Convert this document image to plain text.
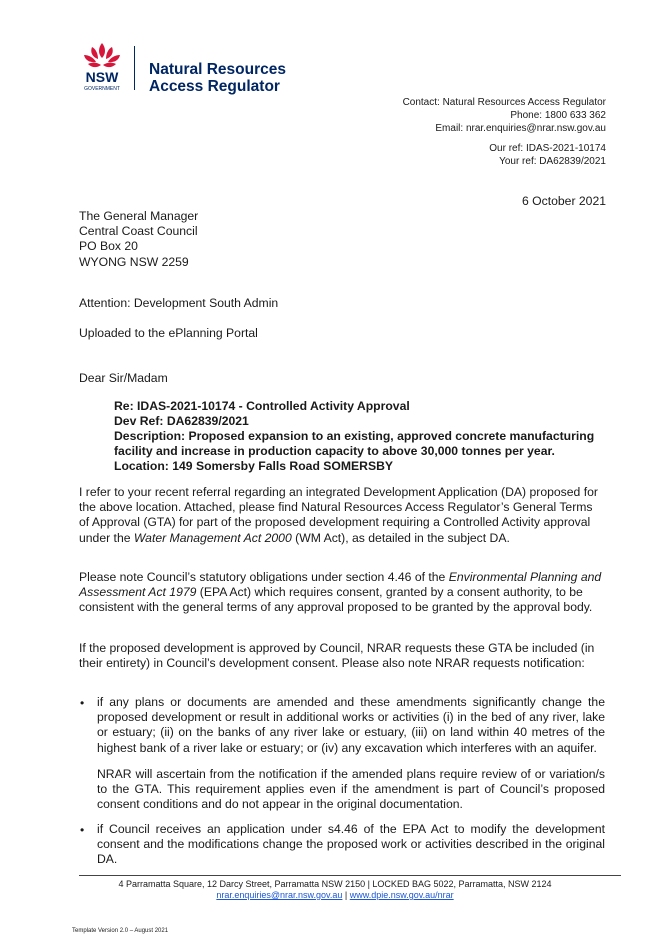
NSW
GOVERNMENT
Natural Resources
Access Regulator
Contact: Natural Resources Access Regulator
Phone: 1800 633 362
Email: nrar.enquiries@nrar.nsw.gov.au
Our ref: IDAS-2021-10174
Your ref: DA62839/2021
6 October 2021
The General Manager
Central Coast Council
PO Box 20
WYONG NSW 2259
Attention: Development South Admin
Uploaded to the ePlanning Portal
Dear Sir/Madam
Re: IDAS-2021-10174 - Controlled Activity Approval
Dev Ref: DA62839/2021
Description: Proposed expansion to an existing, approved concrete manufacturing facility and increase in production capacity to above 30,000 tonnes per year.
Location: 149 Somersby Falls Road SOMERSBY
I refer to your recent referral regarding an integrated Development Application (DA) proposed for the above location. Attached, please find Natural Resources Access Regulator’s General Terms of Approval (GTA) for part of the proposed development requiring a Controlled Activity approval under the Water Management Act 2000 (WM Act), as detailed in the subject DA.
Please note Council’s statutory obligations under section 4.46 of the Environmental Planning and Assessment Act 1979 (EPA Act) which requires consent, granted by a consent authority, to be consistent with the general terms of any approval proposed to be granted by the approval body.
If the proposed development is approved by Council, NRAR requests these GTA be included (in their entirety) in Council’s development consent. Please also note NRAR requests notification:
• if any plans or documents are amended and these amendments significantly change the proposed development or result in additional works or activities (i) in the bed of any river, lake or estuary; (ii) on the banks of any river lake or estuary, (iii) on land within 40 metres of the highest bank of a river lake or estuary; or (iv) any excavation which interferes with an aquifer.
NRAR will ascertain from the notification if the amended plans require review of or variation/s to the GTA. This requirement applies even if the amendment is part of Council’s proposed consent conditions and do not appear in the original documentation.
• if Council receives an application under s4.46 of the EPA Act to modify the development consent and the modifications change the proposed work or activities described in the original DA.
4 Parramatta Square, 12 Darcy Street, Parramatta NSW 2150 | LOCKED BAG 5022, Parramatta, NSW 2124
nrar.enquiries@nrar.nsw.gov.au | www.dpie.nsw.gov.au/nrar
Template Version 2.0 – August 2021
